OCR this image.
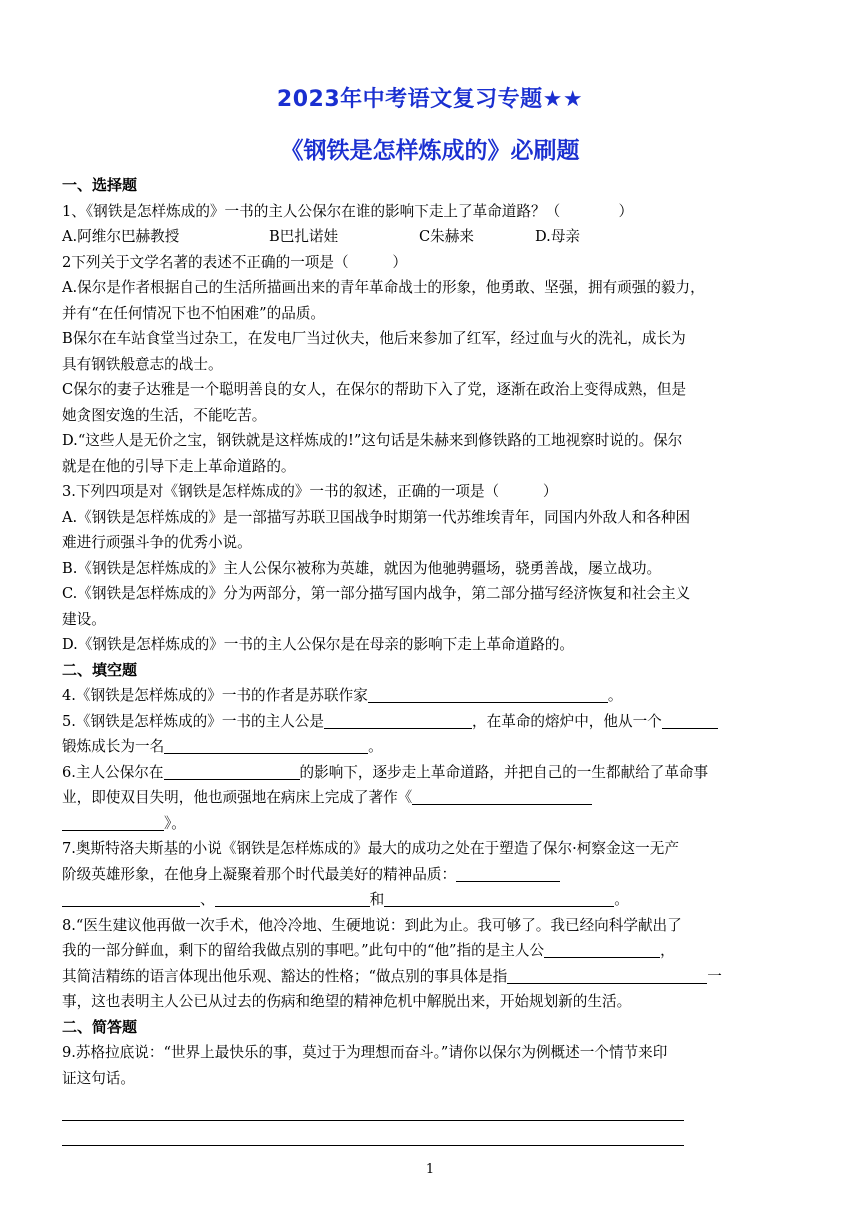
2023年中考语文复习专题★★
《钢铁是怎样炼成的》必刷题
一、选择题
1、《钢铁是怎样炼成的》一书的主人公保尔在谁的影响下走上了革命道路？（　　　　）
A.阿维尔巴赫教授	B巴扎诺娃	C朱赫来	D.母亲
2下列关于文学名著的表述不正确的一项是（　　　）
A.保尔是作者根据自己的生活所描画出来的青年革命战士的形象，他勇敢、坚强，拥有顽强的毅力，
并有“在任何情况下也不怕困难”的品质。
B保尔在车站食堂当过杂工，在发电厂当过伙夫，他后来参加了红军，经过血与火的洗礼，成长为
具有钢铁般意志的战士。
C保尔的妻子达雅是一个聪明善良的女人，在保尔的帮助下入了党，逐渐在政治上变得成熟，但是
她贪图安逸的生活，不能吃苦。
D.“这些人是无价之宝，钢铁就是这样炼成的!”这句话是朱赫来到修铁路的工地视察时说的。保尔
就是在他的引导下走上革命道路的。
3.下列四项是对《钢铁是怎样炼成的》一书的叙述，正确的一项是（　　　）
A.《钢铁是怎样炼成的》是一部描写苏联卫国战争时期第一代苏维埃青年，同国内外敌人和各种困
难进行顽强斗争的优秀小说。
B.《钢铁是怎样炼成的》主人公保尔被称为英雄，就因为他驰骋疆场，骁勇善战，屡立战功。
C.《钢铁是怎样炼成的》分为两部分，第一部分描写国内战争，第二部分描写经济恢复和社会主义
建设。
D.《钢铁是怎样炼成的》一书的主人公保尔是在母亲的影响下走上革命道路的。
二、填空题
4.《钢铁是怎样炼成的》一书的作者是苏联作家	。
5.《钢铁是怎样炼成的》一书的主人公是	，在革命的熔炉中，他从一个
锻炼成长为一名	。
6.主人公保尔在	的影响下，逐步走上革命道路，并把自己的一生都献给了革命事
业，即使双目失明，他也顽强地在病床上完成了著作《
》。
7.奥斯特洛夫斯基的小说《钢铁是怎样炼成的》最大的成功之处在于塑造了保尔·柯察金这一无产
阶级英雄形象，在他身上凝聚着那个时代最美好的精神品质：
、	和	。
8.“医生建议他再做一次手术，他冷冷地、生硬地说：到此为止。我可够了。我已经向科学献出了
我的一部分鲜血，剩下的留给我做点别的事吧。”此句中的“他”指的是主人公	，
其简洁精练的语言体现出他乐观、豁达的性格；“做点别的事具体是指	一
事，这也表明主人公已从过去的伤病和绝望的精神危机中解脱出来，开始规划新的生活。
二、简答题
9.苏格拉底说：“世界上最快乐的事，莫过于为理想而奋斗。”请你以保尔为例概述一个情节来印
证这句话。
1
